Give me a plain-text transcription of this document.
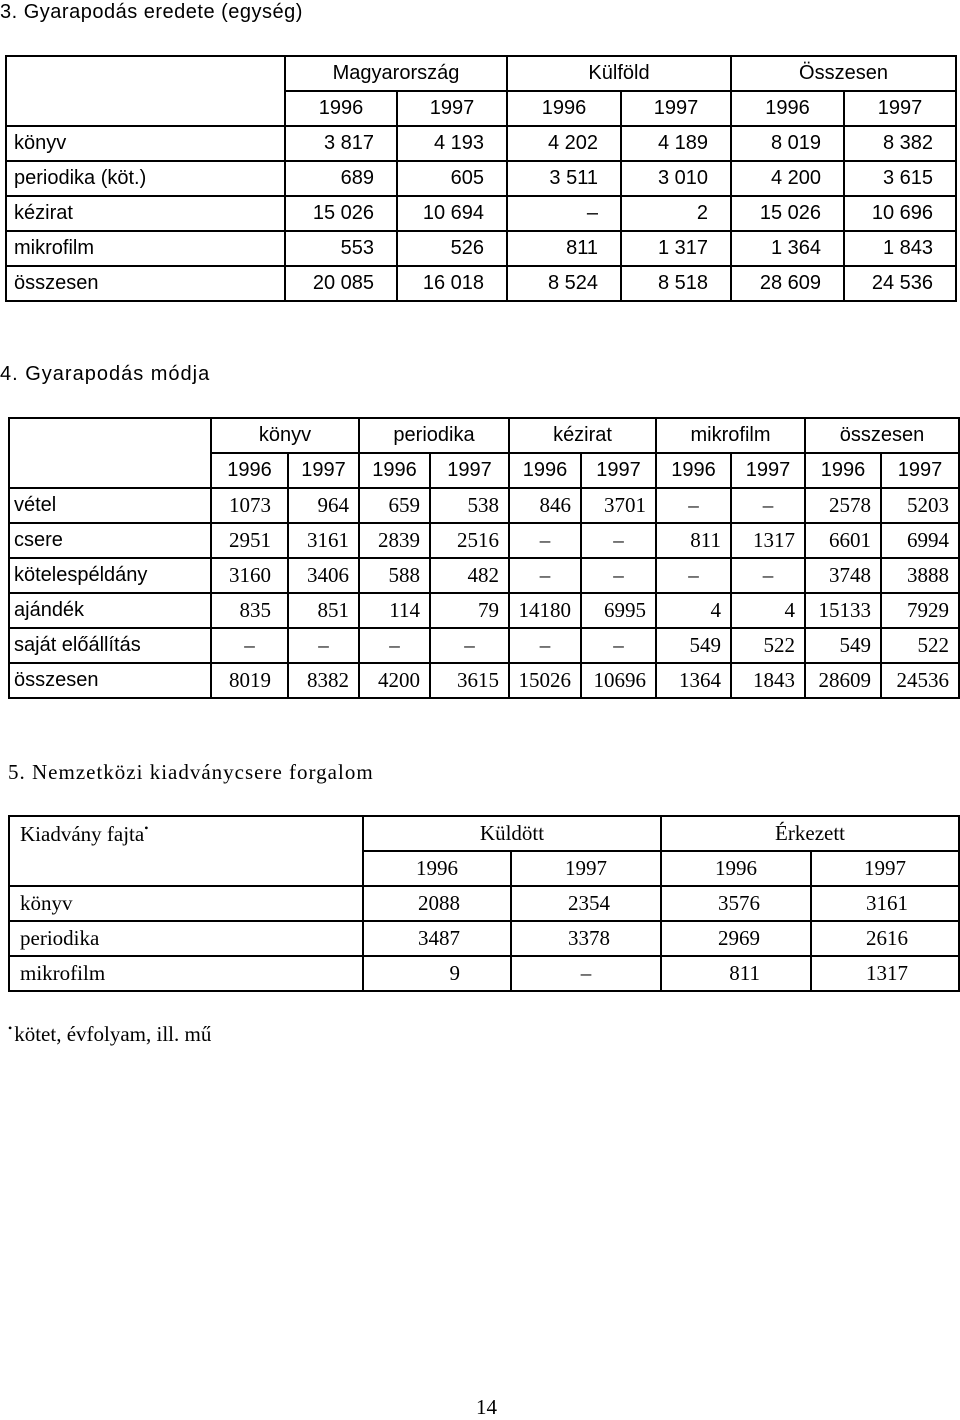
3. Gyarapodás eredete (egység)
	Magyarország		Külföld		Összesen	
	1996	1997	1996	1997	1996	1997
könyv	3 817	4 193	4 202	4 189	8 019	8 382
periodika (köt.)	689	605	3 511	3 010	4 200	3 615
kézirat	15 026	10 694	–	2	15 026	10 696
mikrofilm	553	526	811	1 317	1 364	1 843
összesen	20 085	16 018	8 524	8 518	28 609	24 536
4. Gyarapodás módja
	könyv		periodika		kézirat		mikrofilm		összesen	
	1996	1997	1996	1997	1996	1997	1996	1997	1996	1997
vétel	1073	964	659	538	846	3701	–	–	2578	5203
csere	2951	3161	2839	2516	–	–	811	1317	6601	6994
kötelespéldány	3160	3406	588	482	–	–	–	–	3748	3888
ajándék	835	851	114	79	14180	6995	4	4	15133	7929
saját előállítás	–	–	–	–	–	–	549	522	549	522
összesen	8019	8382	4200	3615	15026	10696	1364	1843	28609	24536
5. Nemzetközi kiadványcsere forgalom
Kiadvány fajta•	Küldött		Érkezett	
	1996	1997	1996	1997
könyv	2088	2354	3576	3161
periodika	3487	3378	2969	2616
mikrofilm	9	–	811	1317
•kötet, évfolyam, ill. mű
14
